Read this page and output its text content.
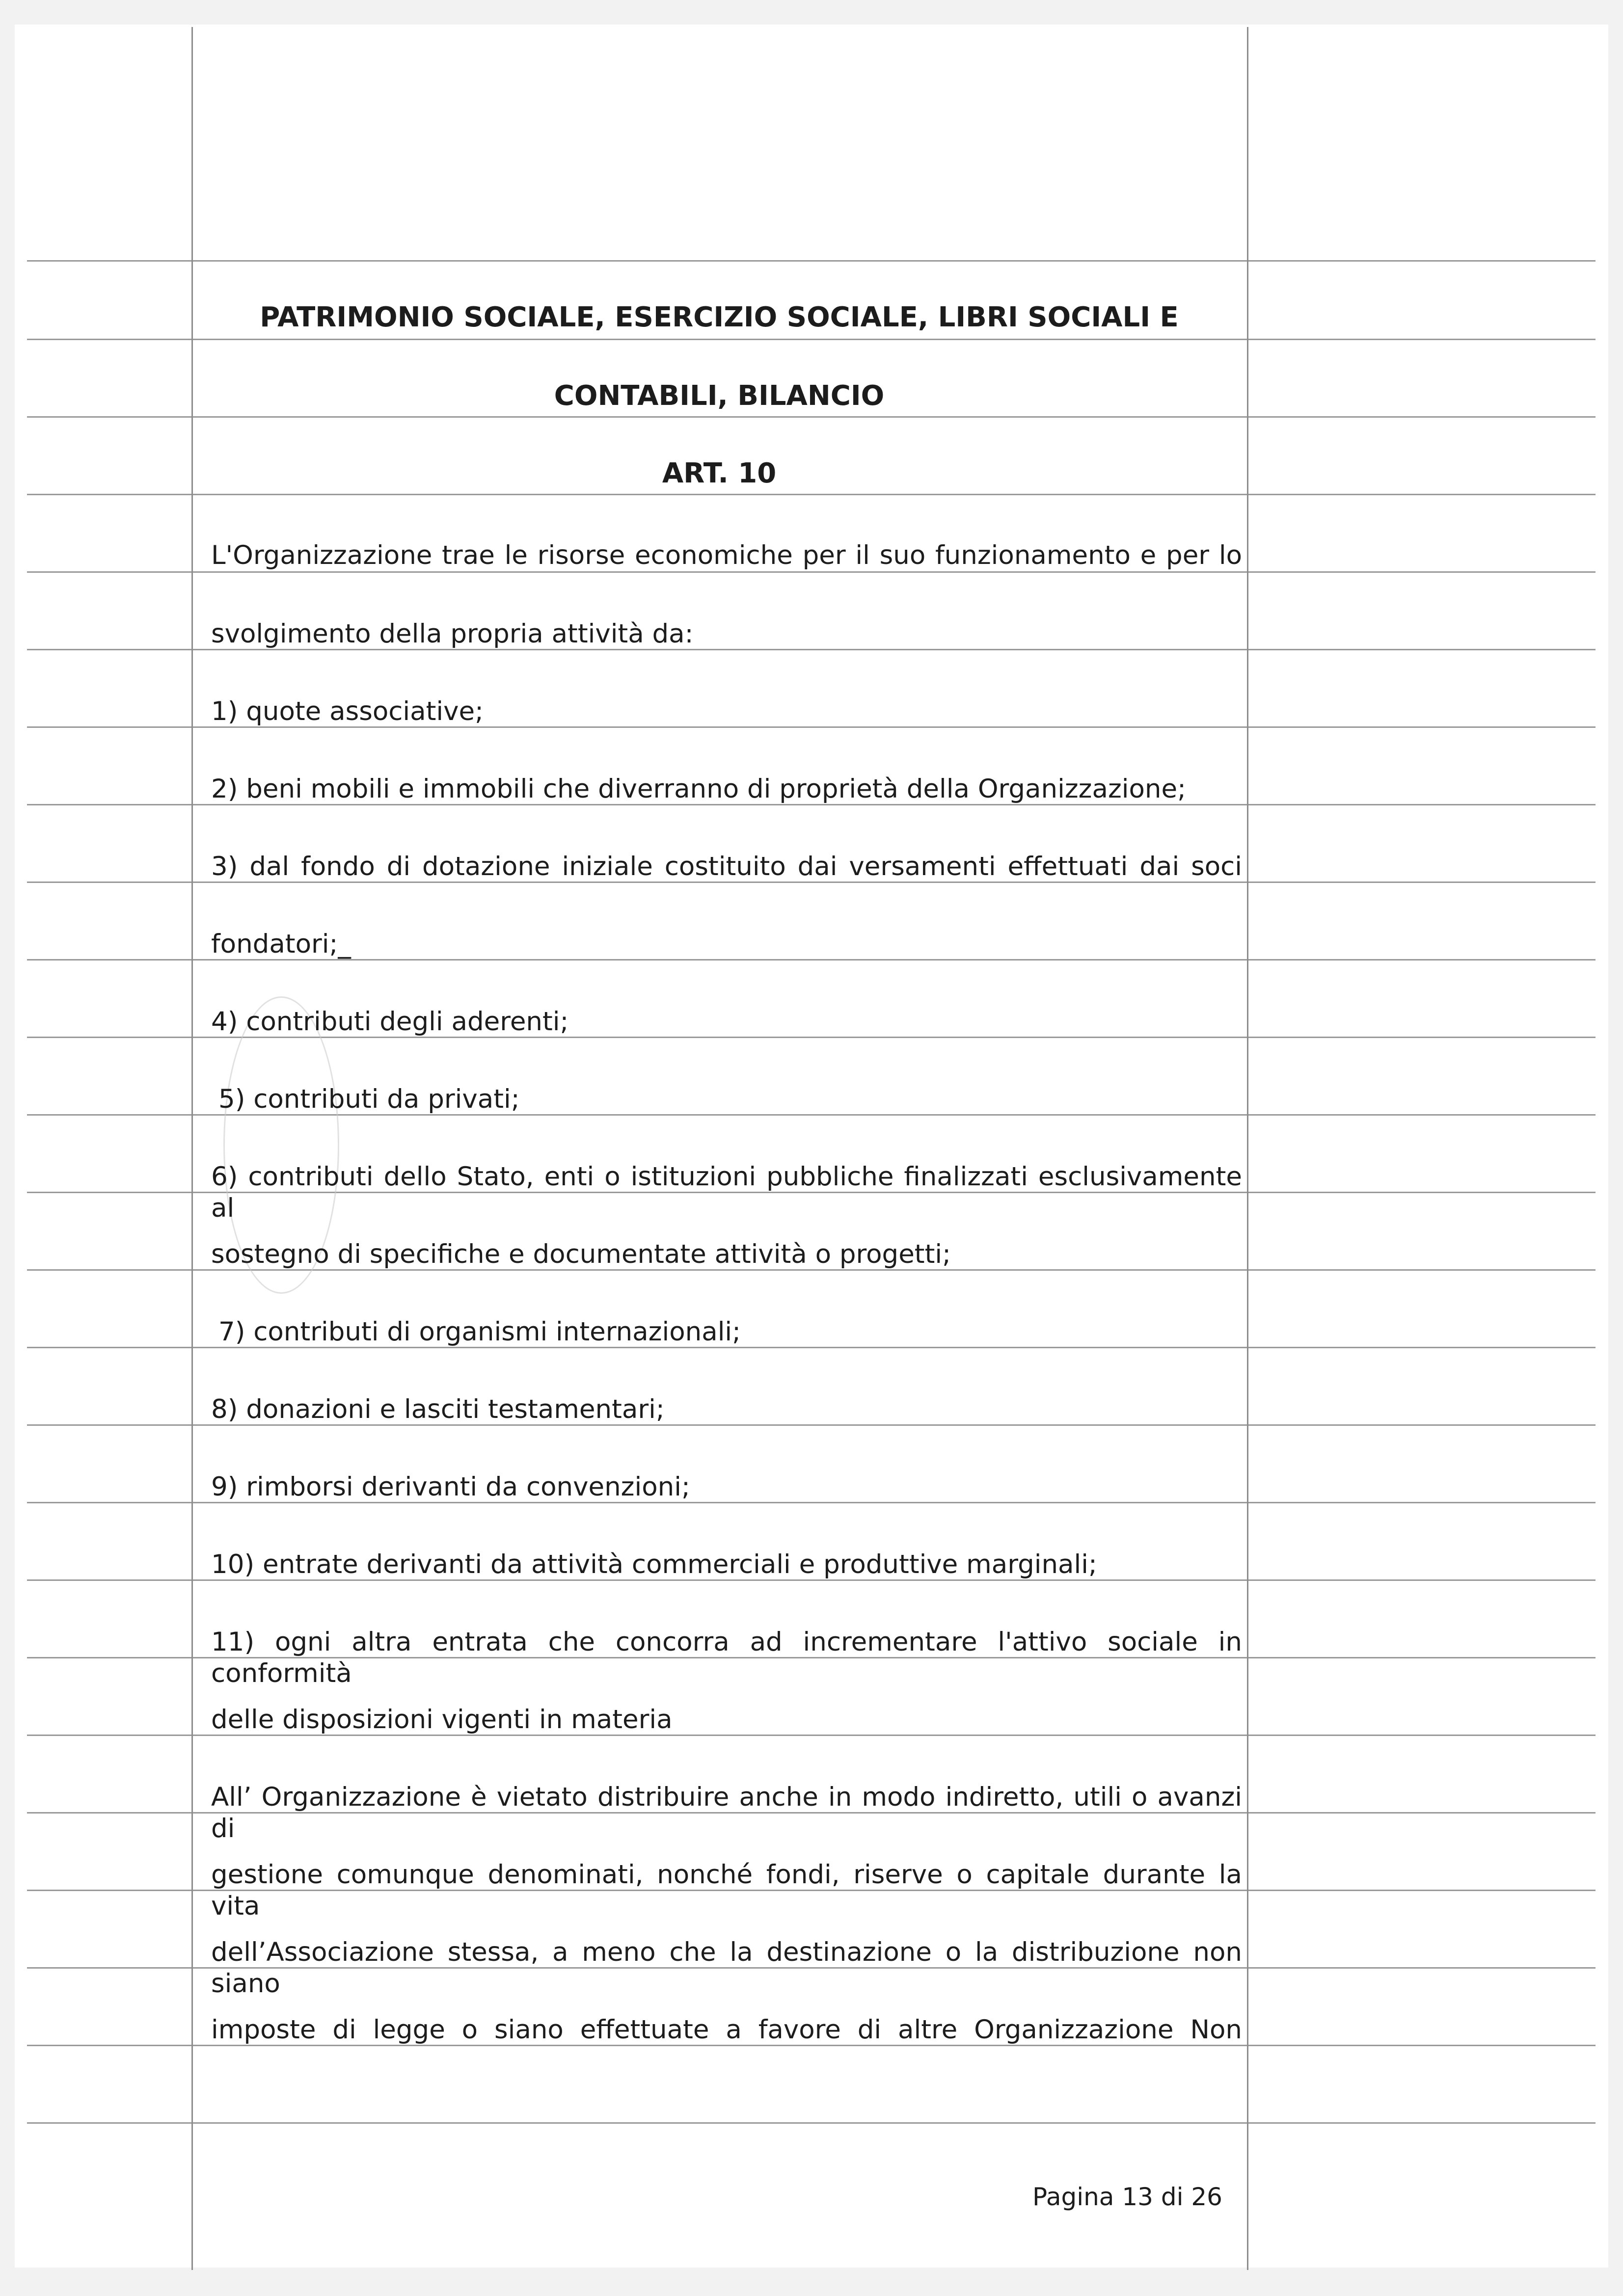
PATRIMONIO SOCIALE, ESERCIZIO SOCIALE, LIBRI SOCIALI E
CONTABILI, BILANCIO
ART. 10
L'Organizzazione trae le risorse economiche per il suo funzionamento e per lo
svolgimento della propria attività da:
1) quote associative;
2) beni mobili e immobili che diverranno di proprietà della Organizzazione;
3) dal fondo di dotazione iniziale costituito dai versamenti effettuati dai soci
fondatori;_
4) contributi degli aderenti;
5) contributi da privati;
6) contributi dello Stato, enti o istituzioni pubbliche finalizzati esclusivamente al
sostegno di specifiche e documentate attività o progetti;
7) contributi di organismi internazionali;
8) donazioni e lasciti testamentari;
9) rimborsi derivanti da convenzioni;
10) entrate derivanti da attività commerciali e produttive marginali;
11) ogni altra entrata che concorra ad incrementare l'attivo sociale in conformità
delle disposizioni vigenti in materia
All’ Organizzazione è vietato distribuire anche in modo indiretto, utili o avanzi di
gestione comunque denominati, nonché fondi, riserve o capitale durante la vita
dell’Associazione stessa, a meno che la destinazione o la distribuzione non siano
imposte di legge o siano effettuate a favore di altre Organizzazione Non
Pagina 13 di 26
